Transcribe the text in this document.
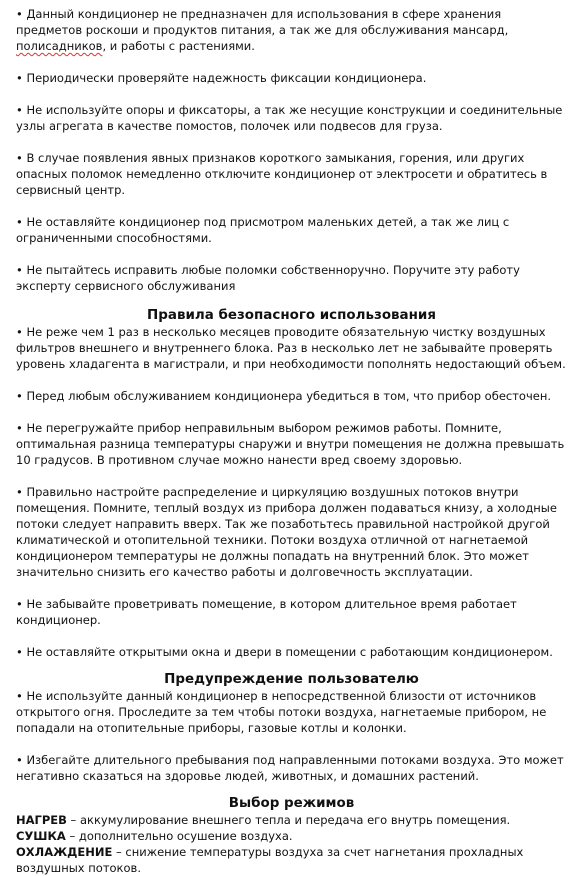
• Данный кондиционер не предназначен для использования в сфере хранения предметов роскоши и продуктов питания, а так же для обслуживания мансард, полисадников, и работы с растениями.

• Периодически проверяйте надежность фиксации кондиционера.

• Не используйте опоры и фиксаторы, а так же несущие конструкции и соединительные узлы агрегата в качестве помостов, полочек или подвесов для груза.

• В случае появления явных признаков короткого замыкания, горения, или других опасных поломок немедленно отключите кондиционер от электросети и обратитесь в сервисный центр.

• Не оставляйте кондиционер под присмотром маленьких детей, а так же лиц с ограниченными способностями.

• Не пытайтесь исправить любые поломки собственноручно. Поручите эту работу эксперту сервисного обслуживания

Правила безопасного использования

• Не реже чем 1 раз в несколько месяцев проводите обязательную чистку воздушных фильтров внешнего и внутреннего блока. Раз в несколько лет не забывайте проверять уровень хладагента в магистрали, и при необходимости пополнять недостающий объем.

• Перед любым обслуживанием кондиционера убедиться в том, что прибор обесточен.

• Не перегружайте прибор неправильным выбором режимов работы. Помните, оптимальная разница температуры снаружи и внутри помещения не должна превышать 10 градусов. В противном случае можно нанести вред своему здоровью.

• Правильно настройте распределение и циркуляцию воздушных потоков внутри помещения. Помните, теплый воздух из прибора должен подаваться книзу, а холодные потоки следует направить вверх. Так же позаботьтесь правильной настройкой другой климатической и отопительной техники. Потоки воздуха отличной от нагнетаемой кондиционером температуры не должны попадать на внутренний блок. Это может значительно снизить его качество работы и долговечность эксплуатации.

• Не забывайте проветривать помещение, в котором длительное время работает кондиционер.

• Не оставляйте открытыми окна и двери в помещении с работающим кондиционером.

Предупреждение пользователю

• Не используйте данный кондиционер в непосредственной близости от источников открытого огня. Проследите за тем чтобы потоки воздуха, нагнетаемые прибором, не попадали на отопительные приборы, газовые котлы и колонки.

• Избегайте длительного пребывания под направленными потоками воздуха. Это может негативно сказаться на здоровье людей, животных, и домашних растений.

Выбор режимов

НАГРЕВ – аккумулирование внешнего тепла и передача его внутрь помещения.

СУШКА – дополнительно осушение воздуха.

ОХЛАЖДЕНИЕ – снижение температуры воздуха за счет нагнетания прохладных воздушных потоков.
